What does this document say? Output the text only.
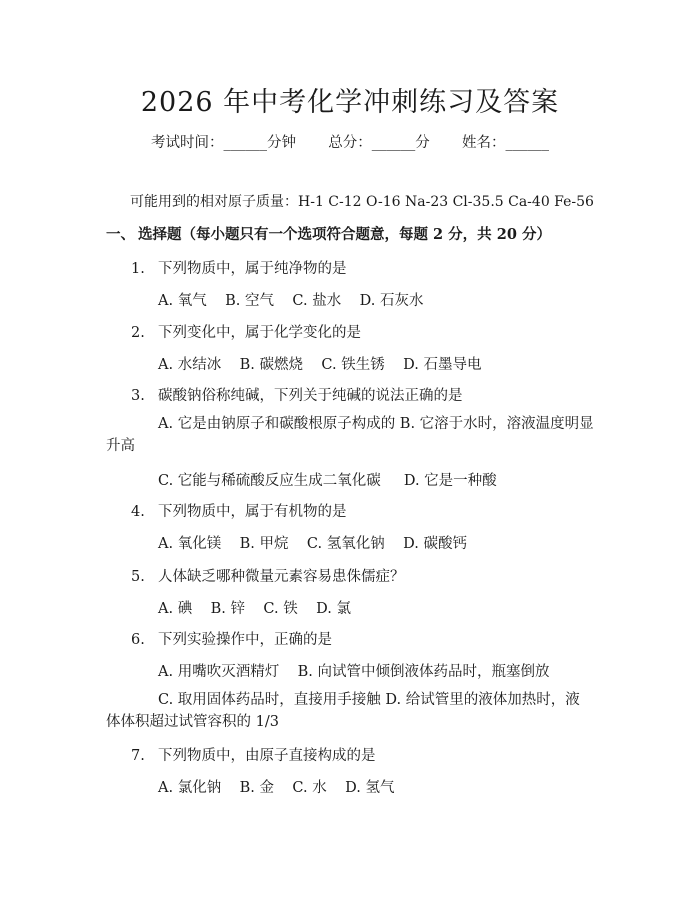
2026 年中考化学冲刺练习及答案
考试时间：______分钟 总分：______分 姓名：______
可能用到的相对原子质量：H-1 C-12 O-16 Na-23 Cl-35.5 Ca-40 Fe-56
一、 选择题（每小题只有一个选项符合题意，每题 2 分，共 20 分）
1. 下列物质中，属于纯净物的是
A. 氧气    B. 空气    C. 盐水    D. 石灰水
2. 下列变化中，属于化学变化的是
A. 水结冰    B. 碳燃烧    C. 铁生锈    D. 石墨导电
3. 碳酸钠俗称纯碱，下列关于纯碱的说法正确的是
A. 它是由钠原子和碳酸根原子构成的 B. 它溶于水时，溶液温度明显升高
C. 它能与稀硫酸反应生成二氧化碳     D. 它是一种酸
4. 下列物质中，属于有机物的是
A. 氧化镁    B. 甲烷    C. 氢氧化钠    D. 碳酸钙
5. 人体缺乏哪种微量元素容易患侏儒症？
A. 碘    B. 锌    C. 铁    D. 氯
6. 下列实验操作中，正确的是
A. 用嘴吹灭酒精灯    B. 向试管中倾倒液体药品时，瓶塞倒放
C. 取用固体药品时，直接用手接触 D. 给试管里的液体加热时，液体体积超过试管容积的 1/3
7. 下列物质中，由原子直接构成的是
A. 氯化钠    B. 金    C. 水    D. 氢气
